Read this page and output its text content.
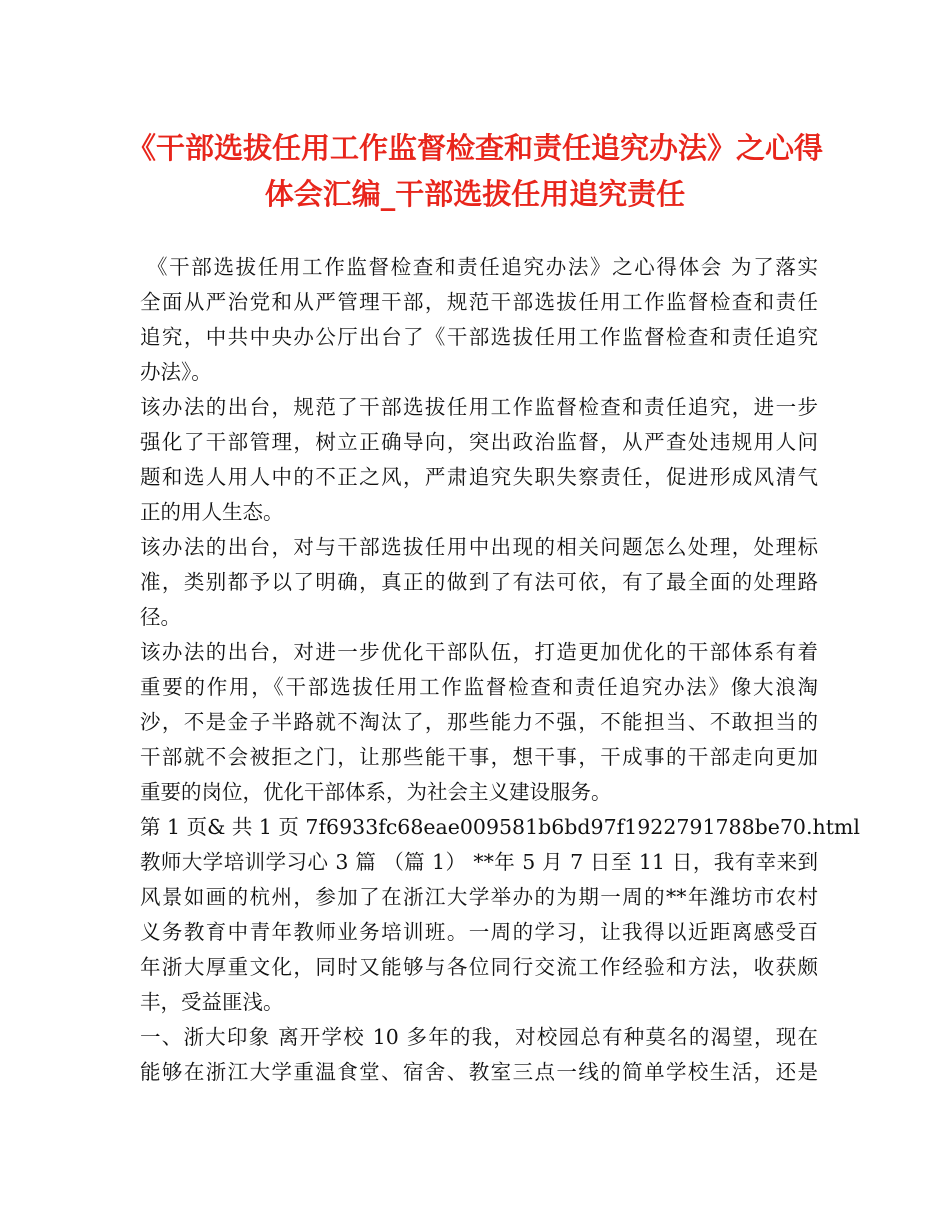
《干部选拔任用工作监督检查和责任追究办法》之心得
体会汇编_干部选拔任用追究责任
《干部选拔任用工作监督检查和责任追究办法》之心得体会 为了落实
全面从严治党和从严管理干部，规范干部选拔任用工作监督检查和责任
追究，中共中央办公厅出台了《干部选拔任用工作监督检查和责任追究
办法》。
该办法的出台，规范了干部选拔任用工作监督检查和责任追究，进一步
强化了干部管理，树立正确导向，突出政治监督，从严查处违规用人问
题和选人用人中的不正之风，严肃追究失职失察责任，促进形成风清气
正的用人生态。
该办法的出台，对与干部选拔任用中出现的相关问题怎么处理，处理标
准，类别都予以了明确，真正的做到了有法可依，有了最全面的处理路
径。
该办法的出台，对进一步优化干部队伍，打造更加优化的干部体系有着
重要的作用，《干部选拔任用工作监督检查和责任追究办法》像大浪淘
沙，不是金子半路就不淘汰了，那些能力不强，不能担当、不敢担当的
干部就不会被拒之门，让那些能干事，想干事，干成事的干部走向更加
重要的岗位，优化干部体系，为社会主义建设服务。
第 1 页& 共 1 页 7f6933fc68eae009581b6bd97f1922791788be70.html
教师大学培训学习心 3 篇 （篇 1） **年 5 月 7 日至 11 日，我有幸来到
风景如画的杭州，参加了在浙江大学举办的为期一周的**年潍坊市农村
义务教育中青年教师业务培训班。一周的学习，让我得以近距离感受百
年浙大厚重文化，同时又能够与各位同行交流工作经验和方法，收获颇
丰，受益匪浅。
一、浙大印象 离开学校 10 多年的我，对校园总有种莫名的渴望，现在
能够在浙江大学重温食堂、宿舍、教室三点一线的简单学校生活，还是
